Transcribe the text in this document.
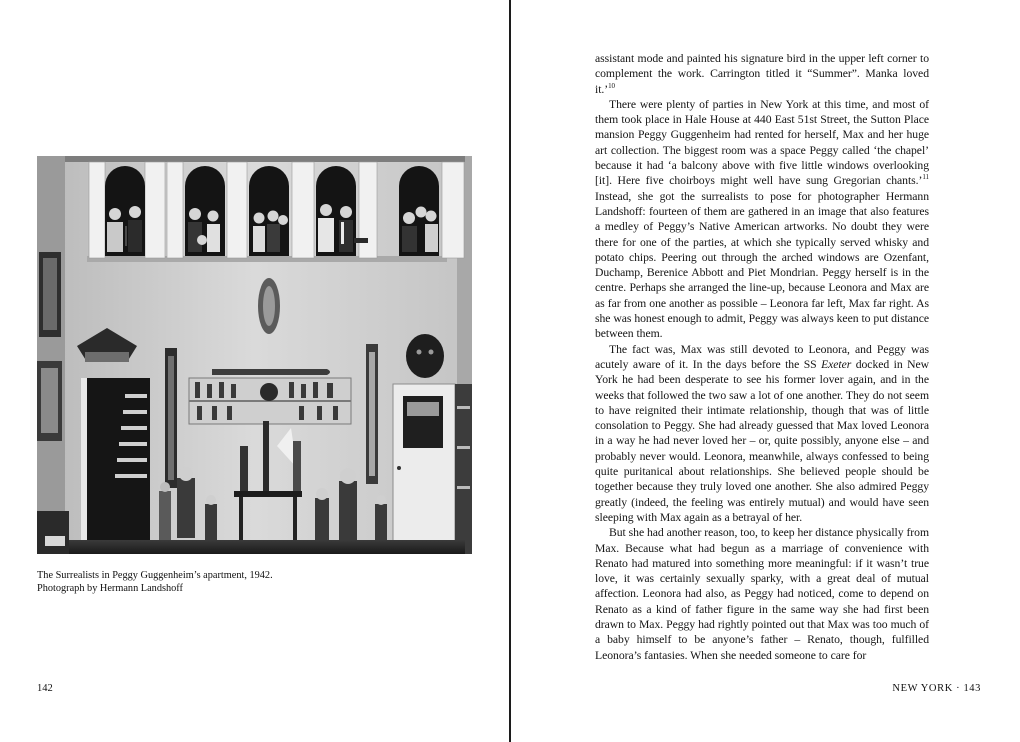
The Surrealists in Peggy Guggenheim’s apartment, 1942.
Photograph by Hermann Landshoff

142

assistant mode and painted his signature bird in the upper left corner to complement the work. Carrington titled it “Summer”. Manka loved it.’$^{10}$

There were plenty of parties in New York at this time, and most of them took place in Hale House at 440 East 51st Street, the Sutton Place mansion Peggy Guggenheim had rented for herself, Max and her huge art collection. The biggest room was a space Peggy called ‘the chapel’ because it had ‘a balcony above with five little windows overlooking [it]. Here five choirboys might well have sung Gregorian chants.’$^{11}$ Instead, she got the surrealists to pose for photographer Hermann Landshoff: fourteen of them are gathered in an image that also features a medley of Peggy’s Native American artworks. No doubt they were there for one of the parties, at which she typically served whisky and potato chips. Peering out through the arched windows are Ozenfant, Duchamp, Berenice Abbott and Piet Mondrian. Peggy herself is in the centre. Perhaps she arranged the line-up, because Leonora and Max are as far from one another as possible – Leonora far left, Max far right. As she was honest enough to admit, Peggy was always keen to put distance between them.

The fact was, Max was still devoted to Leonora, and Peggy was acutely aware of it. In the days before the SS Exeter docked in New York he had been desperate to see his former lover again, and in the weeks that followed the two saw a lot of one another. They do not seem to have reignited their intimate relationship, though that was of little consolation to Peggy. She had already guessed that Max loved Leonora in a way he had never loved her – or, quite possibly, anyone else – and probably never would. Leonora, meanwhile, always confessed to being quite puritanical about relationships. She believed people should be together because they truly loved one another. She also admired Peggy greatly (indeed, the feeling was entirely mutual) and would have seen sleeping with Max again as a betrayal of her.

But she had another reason, too, to keep her distance physically from Max. Because what had begun as a marriage of convenience with Renato had matured into something more meaningful: if it wasn’t true love, it was certainly sexually sparky, with a great deal of mutual affection. Leonora had also, as Peggy had noticed, come to depend on Renato as a kind of father figure in the same way she had first been drawn to Max. Peggy had rightly pointed out that Max was too much of a baby himself to be anyone’s father – Renato, though, fulfilled Leonora’s fantasies. When she needed someone to care for

NEW YORK · 143
